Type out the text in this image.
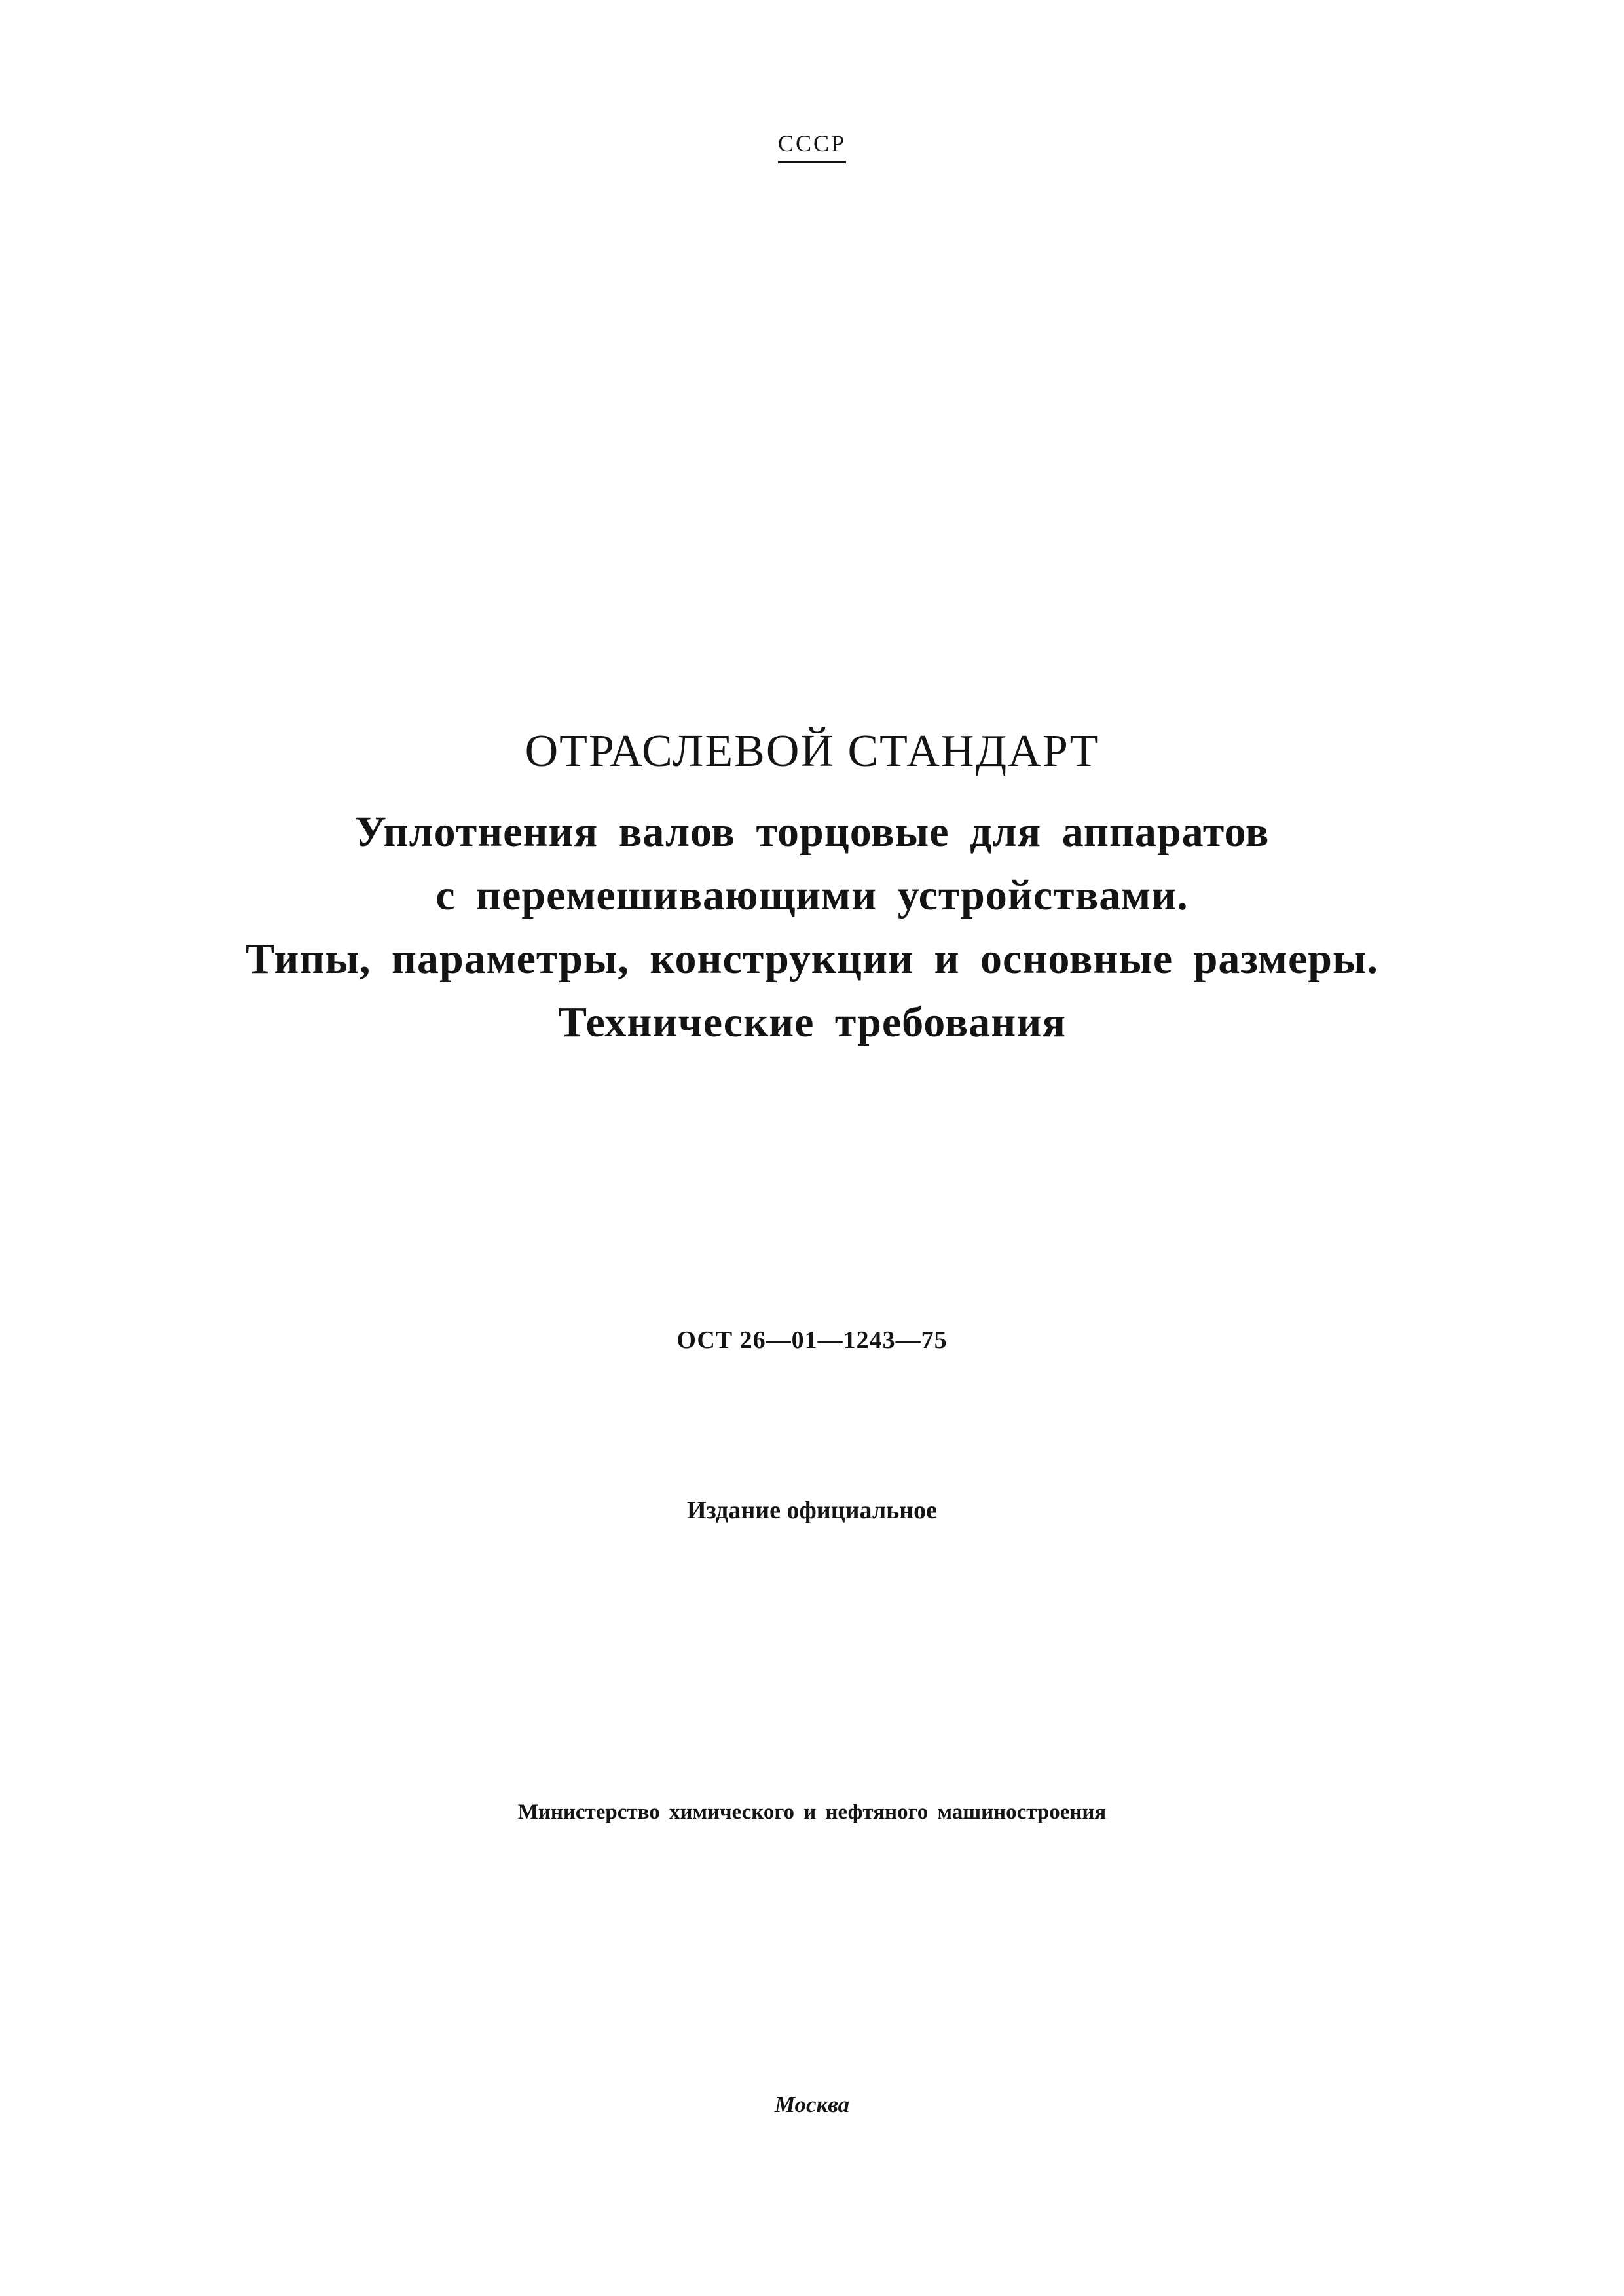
СССР
ОТРАСЛЕВОЙ СТАНДАРТ
Уплотнения валов торцовые для аппаратов
с перемешивающими устройствами.
Типы, параметры, конструкции и основные размеры.
Технические требования
ОСТ 26—01—1243—75
Издание официальное
Министерство химического и нефтяного машиностроения
Москва
